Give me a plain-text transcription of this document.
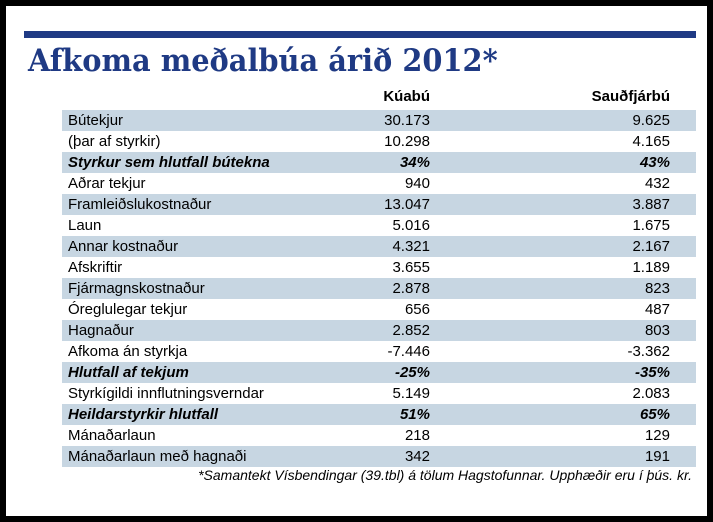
Afkoma meðalbúa árið 2012*
Kúabú	Sauðfjárbú
Bútekjur	30.173	9.625
(þar af styrkir)	10.298	4.165
Styrkur sem hlutfall bútekna	34%	43%
Aðrar tekjur	940	432
Framleiðslukostnaður	13.047	3.887
Laun	5.016	1.675
Annar kostnaður	4.321	2.167
Afskriftir	3.655	1.189
Fjármagnskostnaður	2.878	823
Óreglulegar tekjur	656	487
Hagnaður	2.852	803
Afkoma án styrkja	-7.446	-3.362
Hlutfall af tekjum	-25%	-35%
Styrkígildi innflutningsverndar	5.149	2.083
Heildarstyrkir hlutfall	51%	65%
Mánaðarlaun	218	129
Mánaðarlaun með hagnaði	342	191
*Samantekt Vísbendingar (39.tbl) á tölum Hagstofunnar. Upphæðir eru í þús. kr.
